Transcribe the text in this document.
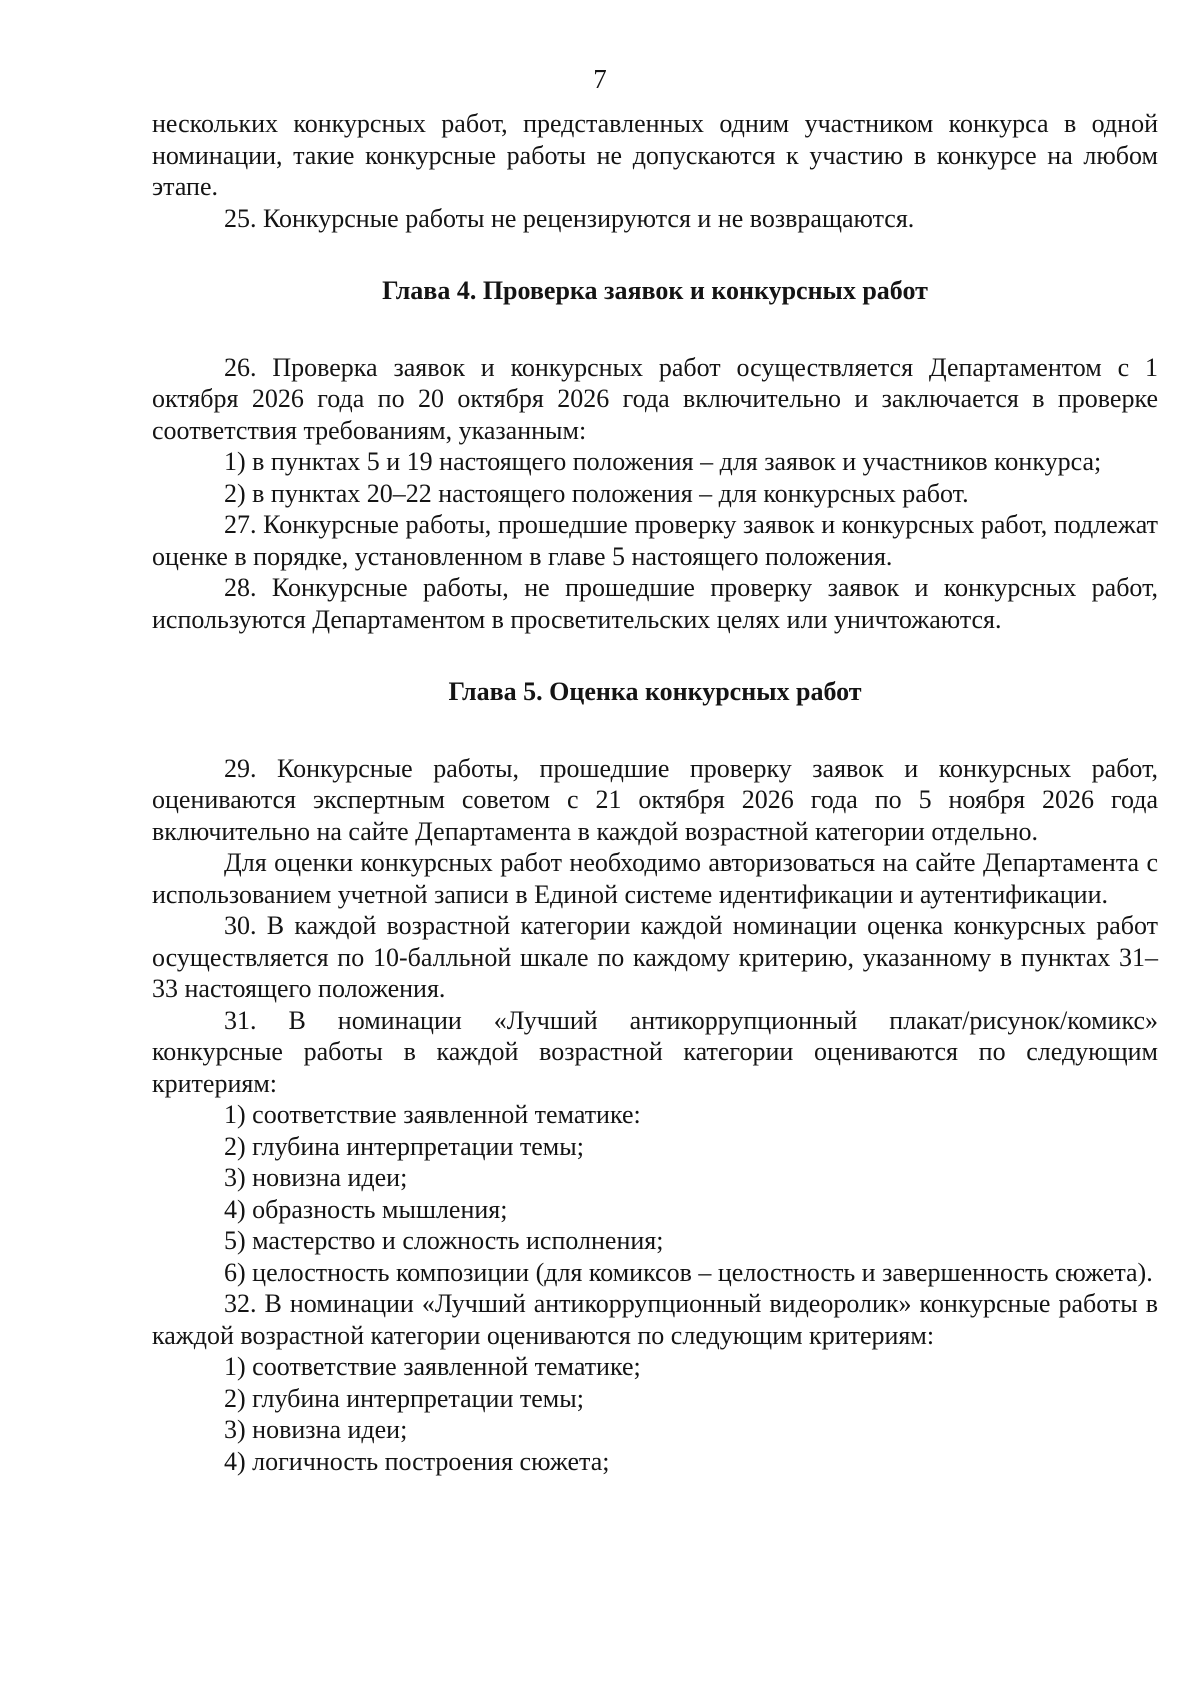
7

нескольких конкурсных работ, представленных одним участником конкурса в одной номинации, такие конкурсные работы не допускаются к участию в конкурсе на любом этапе.

25. Конкурсные работы не рецензируются и не возвращаются.

Глава 4. Проверка заявок и конкурсных работ

26. Проверка заявок и конкурсных работ осуществляется Департаментом с 1 октября 2026 года по 20 октября 2026 года включительно и заключается в проверке соответствия требованиям, указанным:

1) в пунктах 5 и 19 настоящего положения – для заявок и участников конкурса;

2) в пунктах 20–22 настоящего положения – для конкурсных работ.

27. Конкурсные работы, прошедшие проверку заявок и конкурсных работ, подлежат оценке в порядке, установленном в главе 5 настоящего положения.

28. Конкурсные работы, не прошедшие проверку заявок и конкурсных работ, используются Департаментом в просветительских целях или уничтожаются.

Глава 5. Оценка конкурсных работ

29. Конкурсные работы, прошедшие проверку заявок и конкурсных работ, оцениваются экспертным советом с 21 октября 2026 года по 5 ноября 2026 года включительно на сайте Департамента в каждой возрастной категории отдельно.

Для оценки конкурсных работ необходимо авторизоваться на сайте Департамента с использованием учетной записи в Единой системе идентификации и аутентификации.

30. В каждой возрастной категории каждой номинации оценка конкурсных работ осуществляется по 10-балльной шкале по каждому критерию, указанному в пунктах 31–33 настоящего положения.

31. В номинации «Лучший антикоррупционный плакат/рисунок/комикс» конкурсные работы в каждой возрастной категории оцениваются по следующим критериям:

1) соответствие заявленной тематике:

2) глубина интерпретации темы;

3) новизна идеи;

4) образность мышления;

5) мастерство и сложность исполнения;

6) целостность композиции (для комиксов – целостность и завершенность сюжета).

32. В номинации «Лучший антикоррупционный видеоролик» конкурсные работы в каждой возрастной категории оцениваются по следующим критериям:

1) соответствие заявленной тематике;

2) глубина интерпретации темы;

3) новизна идеи;

4) логичность построения сюжета;
